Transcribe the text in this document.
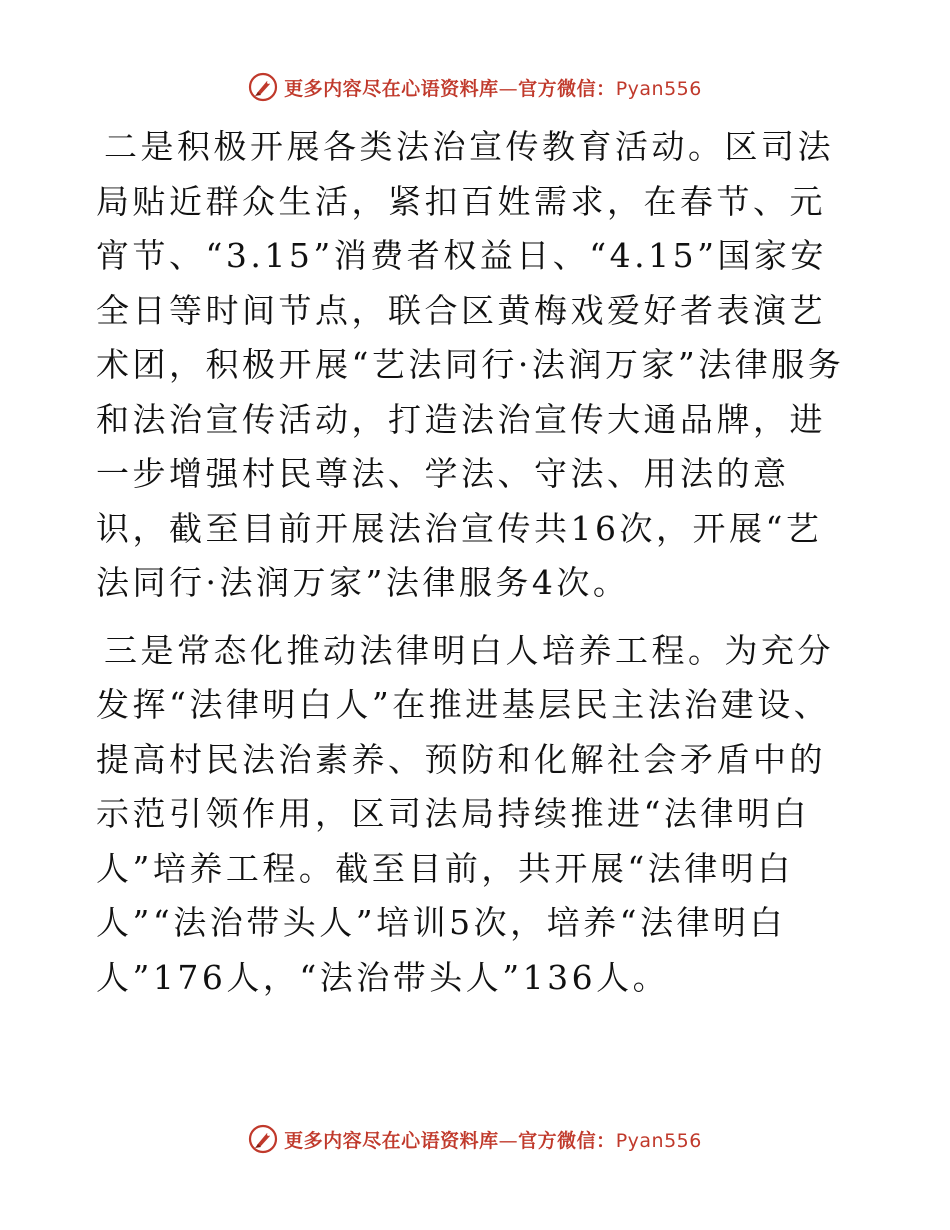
更多内容尽在心语资料库—官方微信：Pyan556

二是积极开展各类法治宣传教育活动。区司法局贴近群众生活，紧扣百姓需求，在春节、元宵节、“3.15”消费者权益日、“4.15”国家安全日等时间节点，联合区黄梅戏爱好者表演艺术团，积极开展“艺法同行·法润万家”法律服务和法治宣传活动，打造法治宣传大通品牌，进一步增强村民尊法、学法、守法、用法的意识，截至目前开展法治宣传共16次，开展“艺法同行·法润万家”法律服务4次。

三是常态化推动法律明白人培养工程。为充分发挥“法律明白人”在推进基层民主法治建设、提高村民法治素养、预防和化解社会矛盾中的示范引领作用，区司法局持续推进“法律明白人”培养工程。截至目前，共开展“法律明白人”“法治带头人”培训5次，培养“法律明白人”176人，“法治带头人”136人。

更多内容尽在心语资料库—官方微信：Pyan556
